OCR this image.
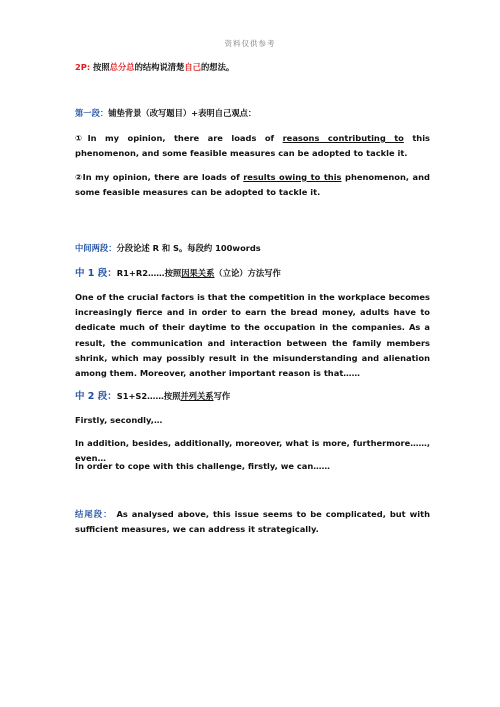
资料仅供参考
2P: 按照总分总的结构说清楚自己的想法。
第一段：铺垫背景（改写题目）+表明自己观点：
①In my opinion, there are loads of reasons contributing to this phenomenon, and some feasible measures can be adopted to tackle it.
②In my opinion, there are loads of results owing to this phenomenon, and some feasible measures can be adopted to tackle it.
中间两段：分段论述 R 和 S。每段约 100words
中 1 段：R1+R2……按照因果关系（立论）方法写作
One of the crucial factors is that the competition in the workplace becomes increasingly fierce and in order to earn the bread money, adults have to dedicate much of their daytime to the occupation in the companies. As a result, the communication and interaction between the family members shrink, which may possibly result in the misunderstanding and alienation among them. Moreover, another important reason is that……
中 2 段：S1+S2……按照并列关系写作
Firstly, secondly,…
In addition, besides, additionally, moreover, what is more, furthermore……, even…
In order to cope with this challenge, firstly, we can……
结尾段： As analysed above, this issue seems to be complicated, but with sufficient measures, we can address it strategically.
